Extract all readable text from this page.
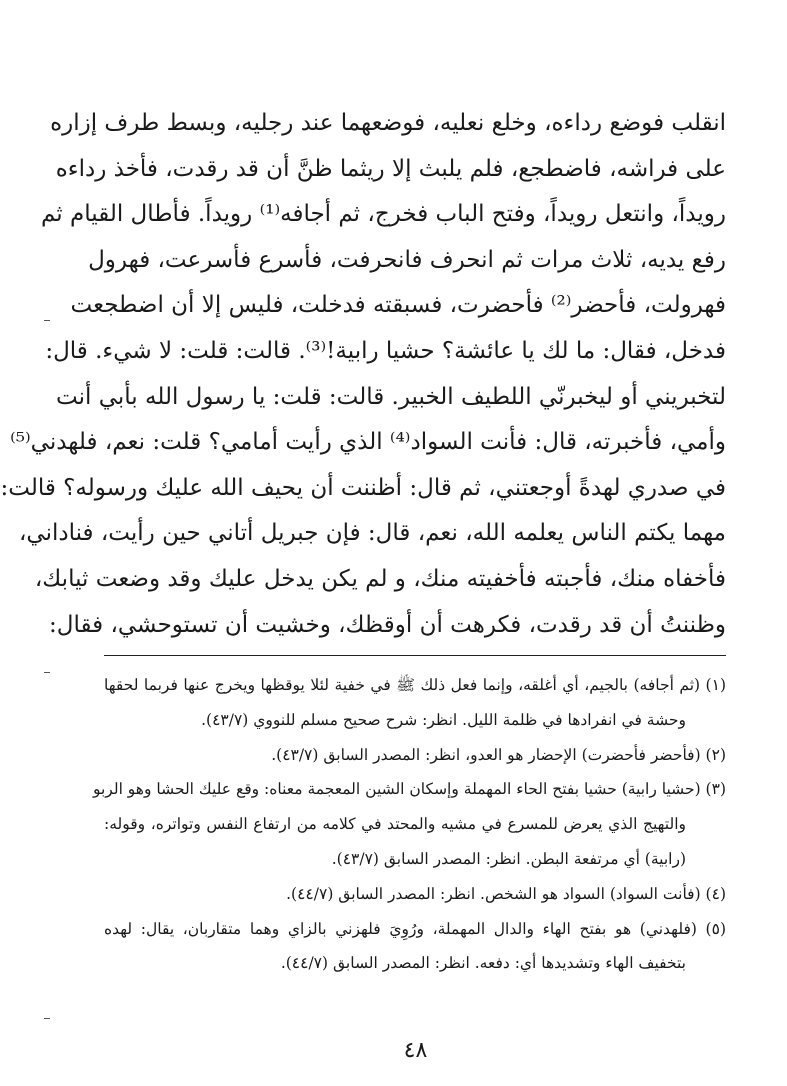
انقلب فوضع رداءه، وخلع نعليه، فوضعهما عند رجليه، وبسط طرف إزاره
على فراشه، فاضطجع، فلم يلبث إلا ريثما ظنَّ أن قد رقدت، فأخذ رداءه
رويداً، وانتعل رويداً، وفتح الباب فخرج، ثم أجافه⁽¹⁾ رويداً. فأطال القيام ثم
رفع يديه، ثلاث مرات ثم انحرف فانحرفت، فأسرع فأسرعت، فهرول
فهرولت، فأحضر⁽²⁾ فأحضرت، فسبقته فدخلت، فليس إلا أن اضطجعت
فدخل، فقال: ما لك يا عائشة؟ حشيا رابية!⁽³⁾. قالت: قلت: لا شيء. قال:
لتخبريني أو ليخبرنّي اللطيف الخبير. قالت: قلت: يا رسول الله بأبي أنت
وأمي، فأخبرته، قال: فأنت السواد⁽⁴⁾ الذي رأيت أمامي؟ قلت: نعم، فلهدني⁽⁵⁾
في صدري لهدةً أوجعتني، ثم قال: أظننت أن يحيف الله عليك ورسوله؟ قالت:
مهما يكتم الناس يعلمه الله، نعم، قال: فإن جبريل أتاني حين رأيت، فناداني،
فأخفاه منك، فأجبته فأخفيته منك، و لم يكن يدخل عليك وقد وضعت ثيابك،
وظننتُ أن قد رقدت، فكرهت أن أوقظك، وخشيت أن تستوحشي، فقال:
(١) (ثم أجافه) بالجيم، أي أغلقه، وإنما فعل ذلك ﷺ في خفية لئلا يوقظها ويخرج عنها فربما لحقها
وحشة في انفرادها في ظلمة الليل. انظر: شرح صحيح مسلم للنووي (٤٣/٧).
(٢) (فأحضر فأحضرت) الإحضار هو العدو، انظر: المصدر السابق (٤٣/٧).
(٣) (حشيا رابية) حشيا بفتح الحاء المهملة وإسكان الشين المعجمة معناه: وقع عليك الحشا وهو الربو
والتهيج الذي يعرض للمسرع في مشيه والمحتد في كلامه من ارتفاع النفس وتواتره، وقوله:
(رابية) أي مرتفعة البطن. انظر: المصدر السابق (٤٣/٧).
(٤) (فأنت السواد) السواد هو الشخص. انظر: المصدر السابق (٤٤/٧).
(٥) (فلهدني) هو بفتح الهاء والدال المهملة، ورُوِيَ فلهزني بالزاي وهما متقاربان، يقال: لهده
بتخفيف الهاء وتشديدها أي: دفعه. انظر: المصدر السابق (٤٤/٧).
٤٨
